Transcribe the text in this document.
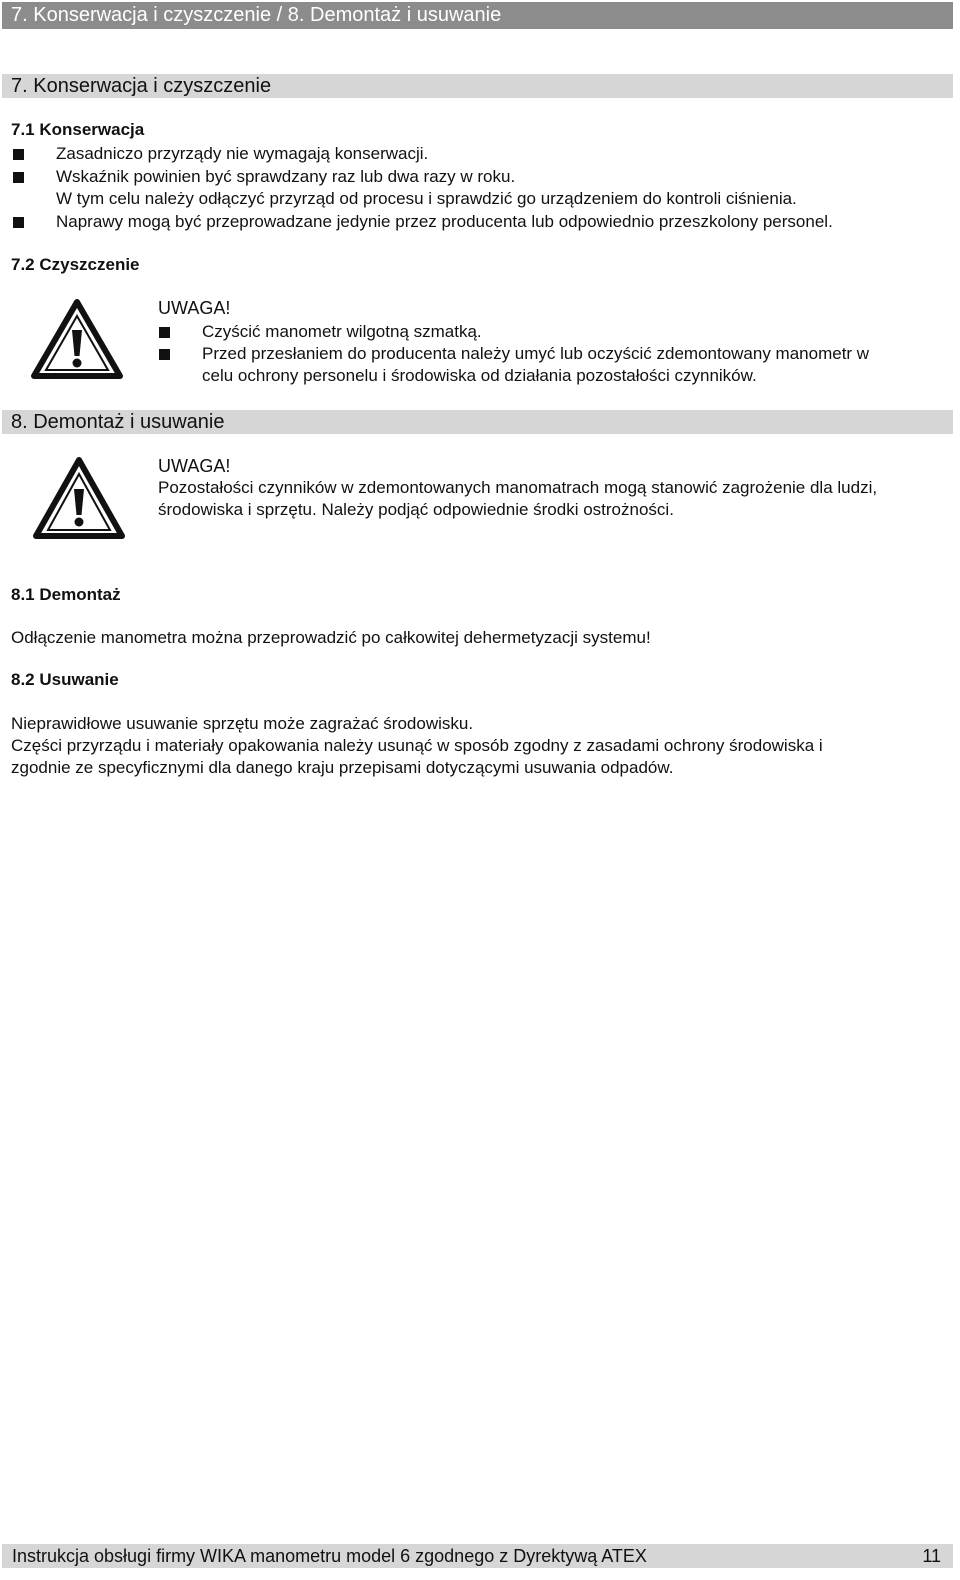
7. Konserwacja i czyszczenie / 8. Demontaż i usuwanie
7. Konserwacja i czyszczenie
7.1 Konserwacja
Zasadniczo przyrządy nie wymagają konserwacji.
Wskaźnik powinien być sprawdzany raz lub dwa razy w roku.
W tym celu należy odłączyć przyrząd od procesu i sprawdzić go urządzeniem do kontroli ciśnienia.
Naprawy mogą być przeprowadzane jedynie przez producenta lub odpowiednio przeszkolony personel.
7.2 Czyszczenie
UWAGA!
Czyścić manometr wilgotną szmatką.
Przed przesłaniem do producenta należy umyć lub oczyścić zdemontowany manometr w
celu ochrony personelu i środowiska od działania pozostałości czynników.
8. Demontaż i usuwanie
UWAGA!
Pozostałości czynników w zdemontowanych manomatrach mogą stanowić zagrożenie dla ludzi,
środowiska i sprzętu. Należy podjąć odpowiednie środki ostrożności.
8.1 Demontaż
Odłączenie manometra można przeprowadzić po całkowitej dehermetyzacji systemu!
8.2 Usuwanie
Nieprawidłowe usuwanie sprzętu może zagrażać środowisku.
Części przyrządu i materiały opakowania należy usunąć w sposób zgodny z zasadami ochrony środowiska i
zgodnie ze specyficznymi dla danego kraju przepisami dotyczącymi usuwania odpadów.
Instrukcja obsługi firmy WIKA manometru model 6 zgodnego z Dyrektywą ATEX	11
